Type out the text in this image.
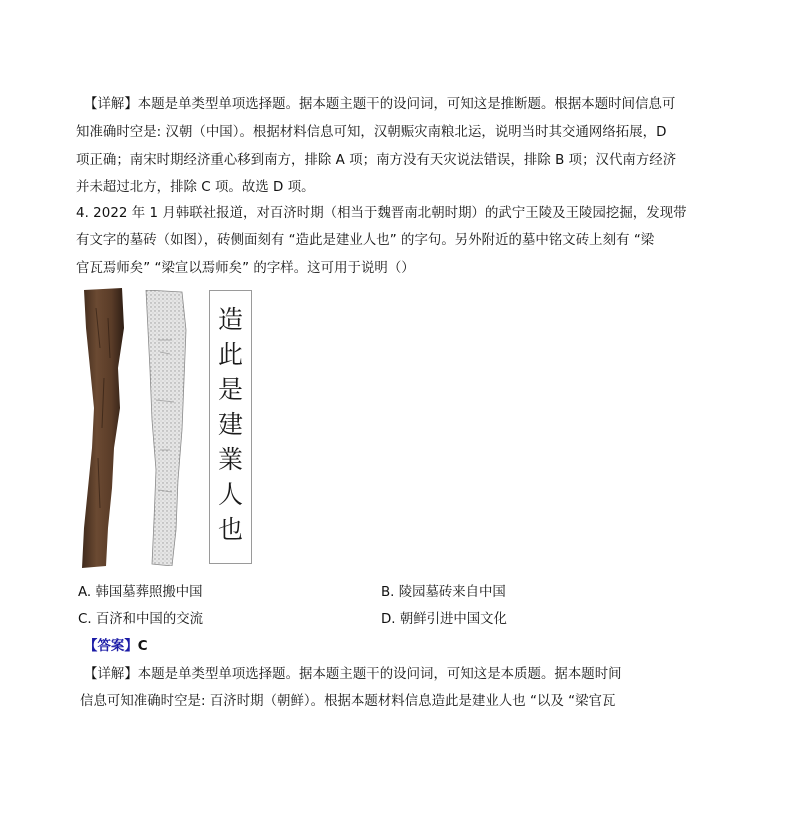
【详解】本题是单类型单项选择题。据本题主题干的设问词，可知这是推断题。根据本题时间信息可
知准确时空是: 汉朝（中国）。根据材料信息可知，汉朝赈灾南粮北运，说明当时其交通网络拓展，D
项正确；南宋时期经济重心移到南方，排除 A 项；南方没有天灾说法错误，排除 B 项；汉代南方经济
并未超过北方，排除 C 项。故选 D 项。
4. 2022 年 1 月韩联社报道，对百济时期（相当于魏晋南北朝时期）的武宁王陵及王陵园挖掘，发现带
有文字的墓砖（如图），砖侧面刻有 “造此是建业人也” 的字句。另外附近的墓中铭文砖上刻有 “梁
官瓦焉师矣” “梁宣以焉师矣” 的字样。这可用于说明（）
造
此
是
建
業
人
也
A. 韩国墓葬照搬中国	B. 陵园墓砖来自中国
C. 百济和中国的交流	D. 朝鲜引进中国文化
【答案】C
【详解】本题是单类型单项选择题。据本题主题干的设问词，可知这是本质题。据本题时间
信息可知准确时空是: 百济时期（朝鲜）。根据本题材料信息造此是建业人也 “以及 “梁官瓦
